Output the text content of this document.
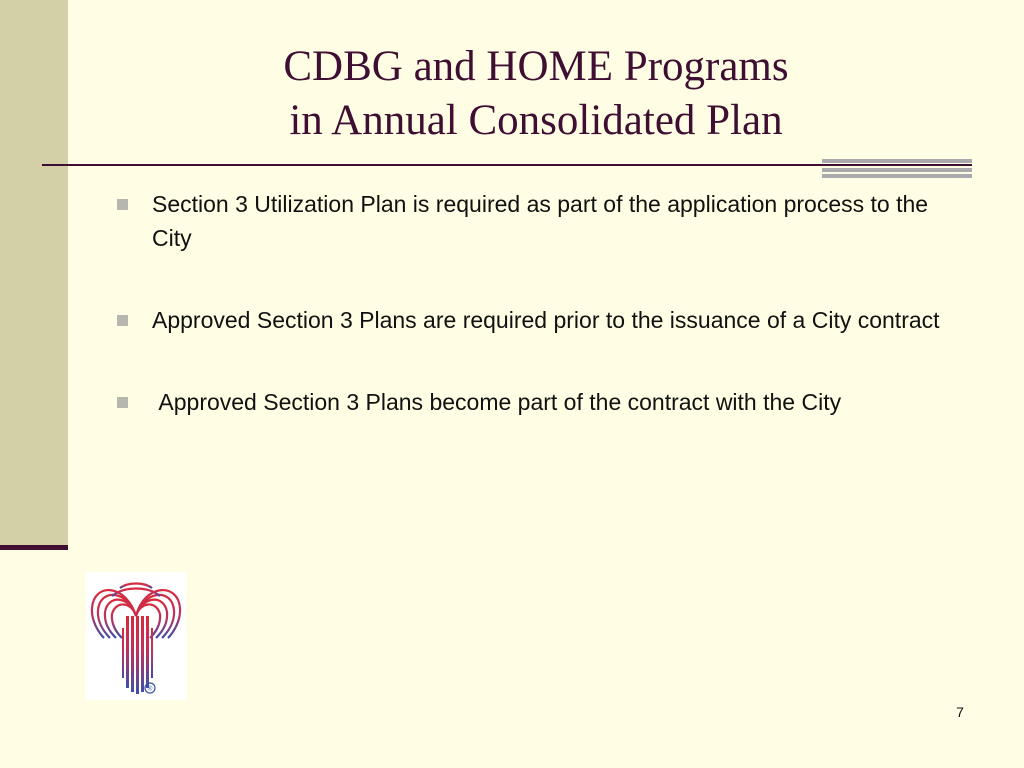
CDBG and HOME Programs
in Annual Consolidated Plan
Section 3 Utilization Plan is required as part of the application process to the City
Approved Section 3 Plans are required prior to the issuance of a City contract
Approved Section 3 Plans become part of the contract with the City
®
7
